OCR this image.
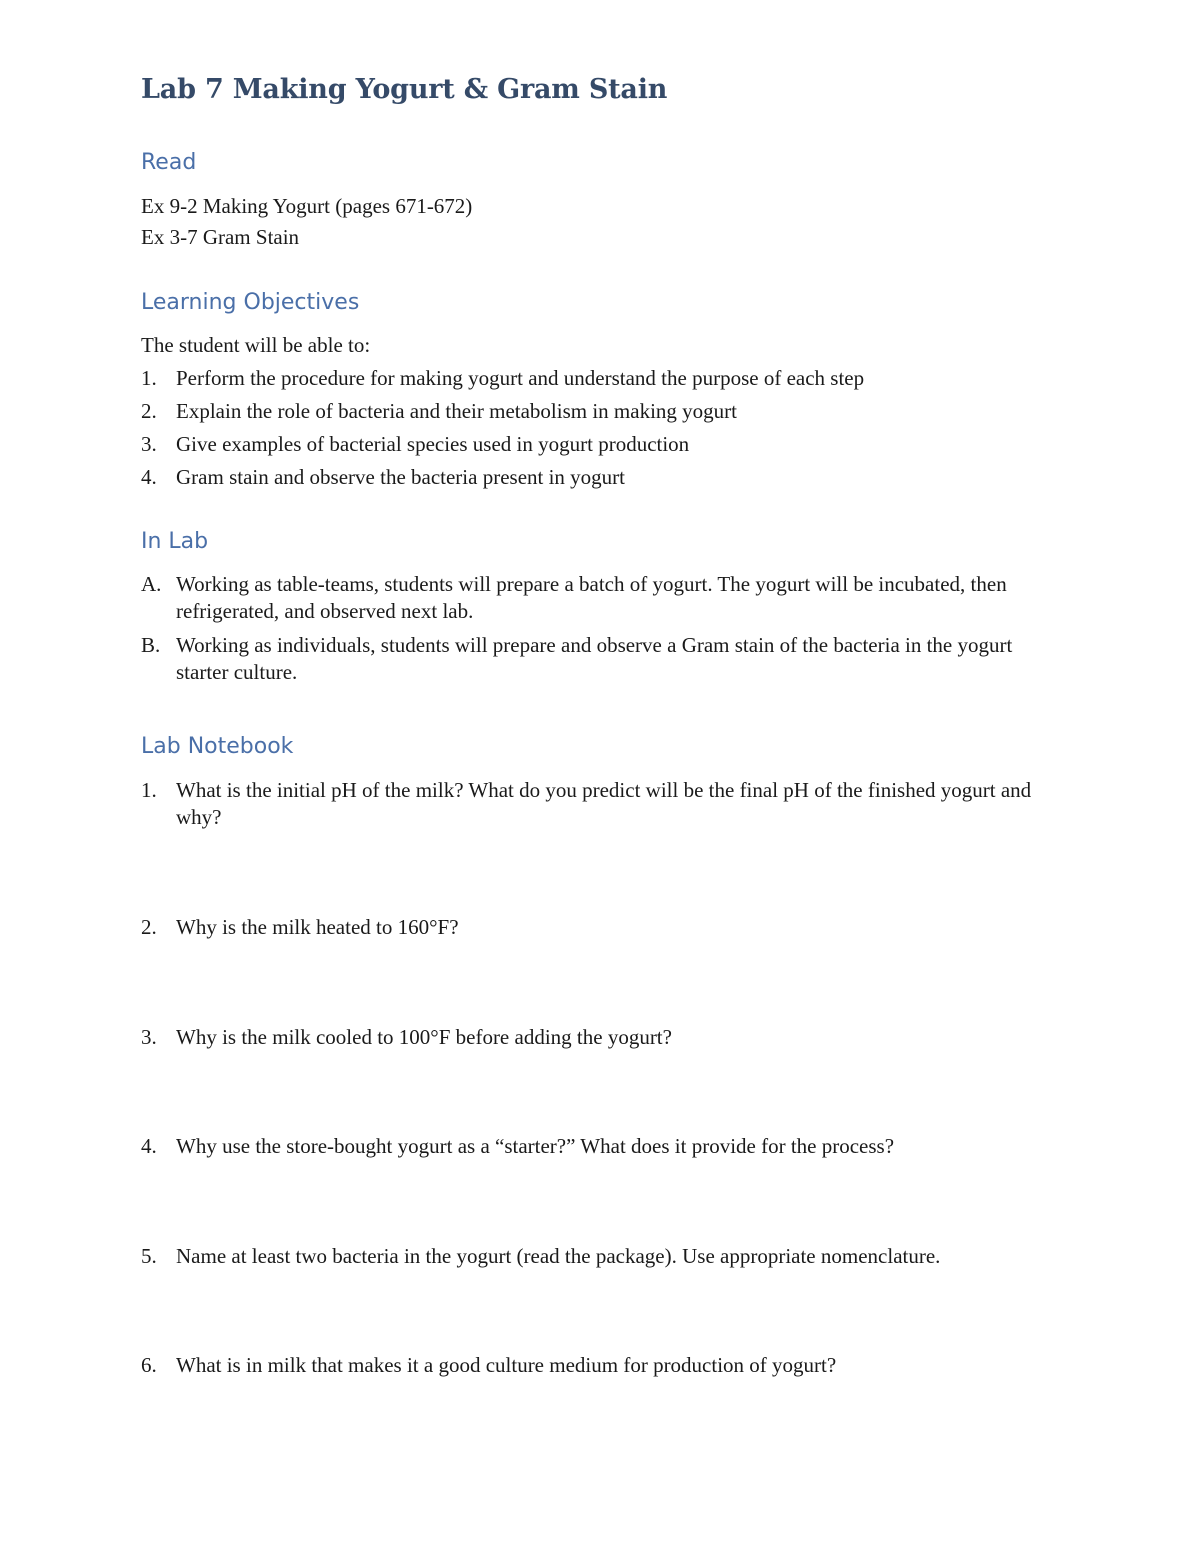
Lab 7 Making Yogurt & Gram Stain
Read

Ex 9-2 Making Yogurt (pages 671-672)

Ex 3-7 Gram Stain

Learning Objectives

The student will be able to:

1. Perform the procedure for making yogurt and understand the purpose of each step
2. Explain the role of bacteria and their metabolism in making yogurt
3. Give examples of bacterial species used in yogurt production
4. Gram stain and observe the bacteria present in yogurt
In Lab
A. Working as table-teams, students will prepare a batch of yogurt. The yogurt will be incubated, then refrigerated, and observed next lab.
B. Working as individuals, students will prepare and observe a Gram stain of the bacteria in the yogurt starter culture.
Lab Notebook
1. What is the initial pH of the milk? What do you predict will be the final pH of the finished yogurt and why?
2. Why is the milk heated to 160°F?
3. Why is the milk cooled to 100°F before adding the yogurt?
4. Why use the store-bought yogurt as a “starter?” What does it provide for the process?
5. Name at least two bacteria in the yogurt (read the package). Use appropriate nomenclature.
6. What is in milk that makes it a good culture medium for production of yogurt?
